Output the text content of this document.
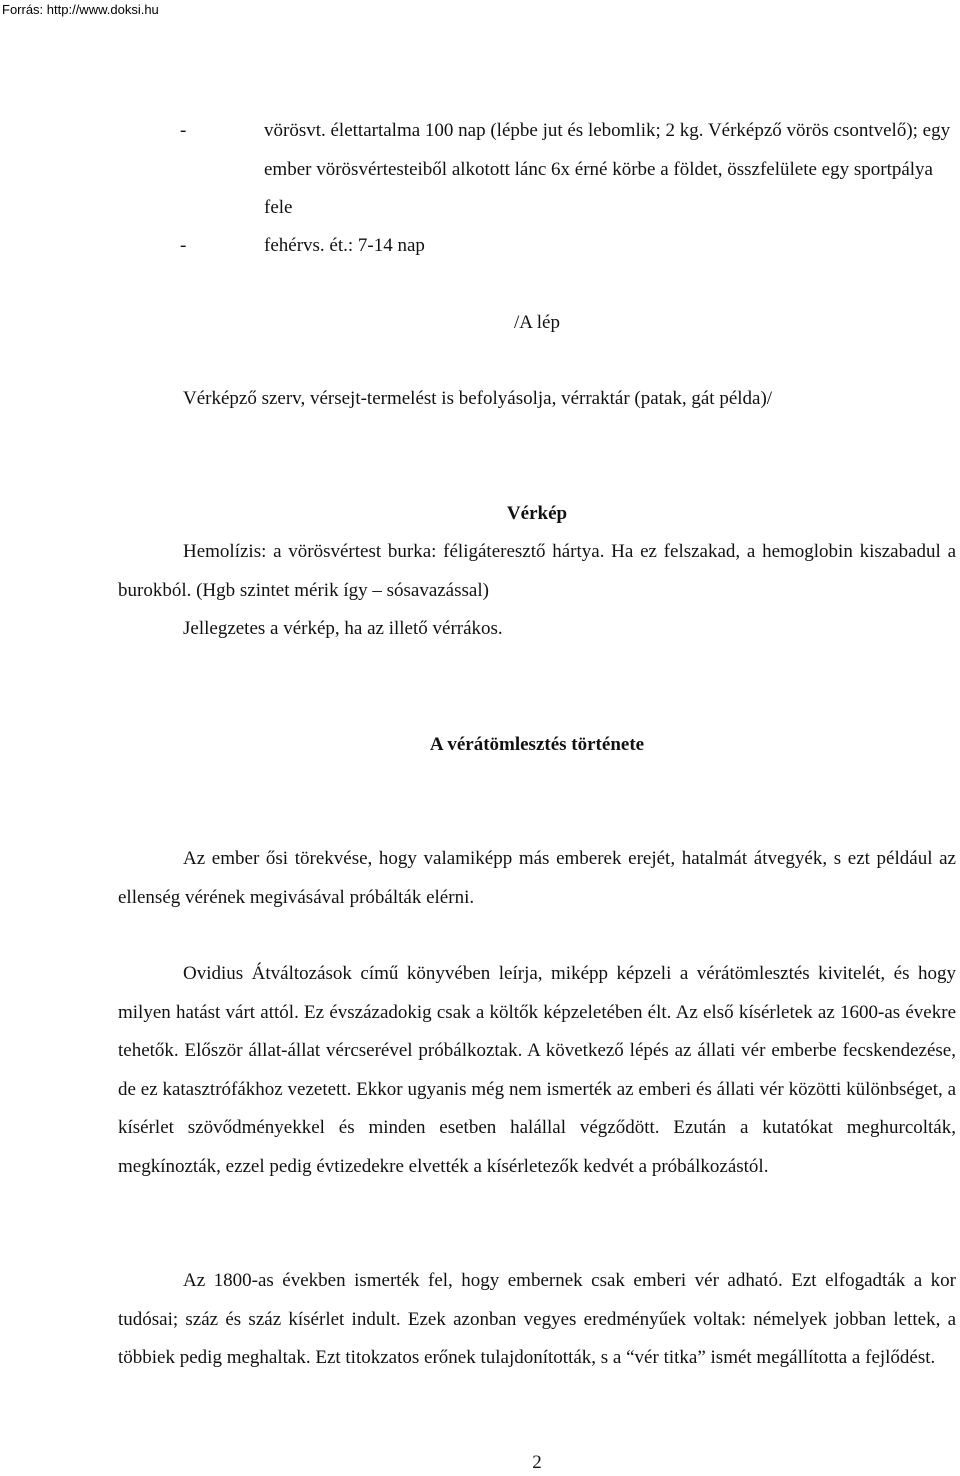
Forrás: http://www.doksi.hu
-	vörösvt. élettartalma 100 nap (lépbe jut és lebomlik; 2 kg. Vérképző vörös csontvelő); egy ember vörösvértesteiből alkotott lánc 6x érné körbe a földet, összfelülete egy sportpálya fele
-	fehérvs. ét.: 7-14 nap
/A lép
Vérképző szerv, vérsejt-termelést is befolyásolja, vérraktár (patak, gát példa)/
Vérkép
Hemolízis: a vörösvértest burka: féligáteresztő hártya. Ha ez felszakad, a hemoglobin kiszabadul a burokból. (Hgb szintet mérik így – sósavazással)
Jellegzetes a vérkép, ha az illető vérrákos.
A vérátömlesztés története
Az ember ősi törekvése, hogy valamiképp más emberek erejét, hatalmát átvegyék, s ezt például az ellenség vérének megivásával próbálták elérni.
Ovidius Átváltozások című könyvében leírja, miképp képzeli a vérátömlesztés kivitelét, és hogy milyen hatást várt attól. Ez évszázadokig csak a költők képzeletében élt. Az első kísérletek az 1600-as évekre tehetők. Először állat-állat vércserével próbálkoztak. A következő lépés az állati vér emberbe fecskendezése, de ez katasztrófákhoz vezetett. Ekkor ugyanis még nem ismerték az emberi és állati vér közötti különbséget, a kísérlet szövődményekkel és minden esetben halállal végződött. Ezután a kutatókat meghurcolták, megkínozták, ezzel pedig évtizedekre elvették a kísérletezők kedvét a próbálkozástól.
Az 1800-as években ismerték fel, hogy embernek csak emberi vér adható. Ezt elfogadták a kor tudósai; száz és száz kísérlet indult. Ezek azonban vegyes eredményűek voltak: némelyek jobban lettek, a többiek pedig meghaltak. Ezt titokzatos erőnek tulajdonították, s a “vér titka” ismét megállította a fejlődést.
2
